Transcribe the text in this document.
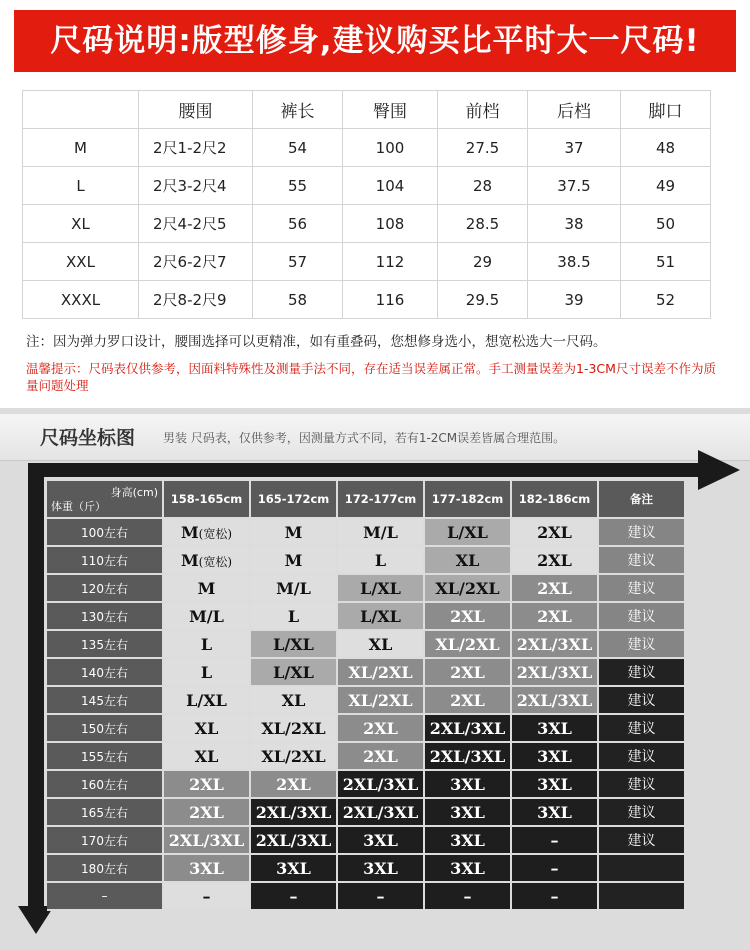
尺码说明:版型修身,建议购买比平时大一尺码!
	腰围	裤长	臀围	前档	后档	脚口
M	2尺1-2尺2	54	100	27.5	37	48
L	2尺3-2尺4	55	104	28	37.5	49
XL	2尺4-2尺5	56	108	28.5	38	50
XXL	2尺6-2尺7	57	112	29	38.5	51
XXXL	2尺8-2尺9	58	116	29.5	39	52
注：因为弹力罗口设计，腰围选择可以更精准，如有重叠码，您想修身选小，想宽松选大一尺码。
温馨提示：尺码表仅供参考，因面料特殊性及测量手法不同，存在适当误差属正常。手工测量误差为1-3CM尺寸误差不作为质量问题处理
尺码坐标图 男装 尺码表，仅供参考，因测量方式不同，若有1-2CM误差皆属合理范围。
身高(cm)
体重（斤）	158-165cm	165-172cm	172-177cm	177-182cm	182-186cm	备注
100左右	M(宽松)	M	M/L	L/XL	2XL	建议
110左右	M(宽松)	M	L	XL	2XL	建议
120左右	M	M/L	L/XL	XL/2XL	2XL	建议
130左右	M/L	L	L/XL	2XL	2XL	建议
135左右	L	L/XL	XL	XL/2XL	2XL/3XL	建议
140左右	L	L/XL	XL/2XL	2XL	2XL/3XL	建议
145左右	L/XL	XL	XL/2XL	2XL	2XL/3XL	建议
150左右	XL	XL/2XL	2XL	2XL/3XL	3XL	建议
155左右	XL	XL/2XL	2XL	2XL/3XL	3XL	建议
160左右	2XL	2XL	2XL/3XL	3XL	3XL	建议
165左右	2XL	2XL/3XL	2XL/3XL	3XL	3XL	建议
170左右	2XL/3XL	2XL/3XL	3XL	3XL	–	建议
180左右	3XL	3XL	3XL	3XL	–	
–	–	–	–	–	–	
